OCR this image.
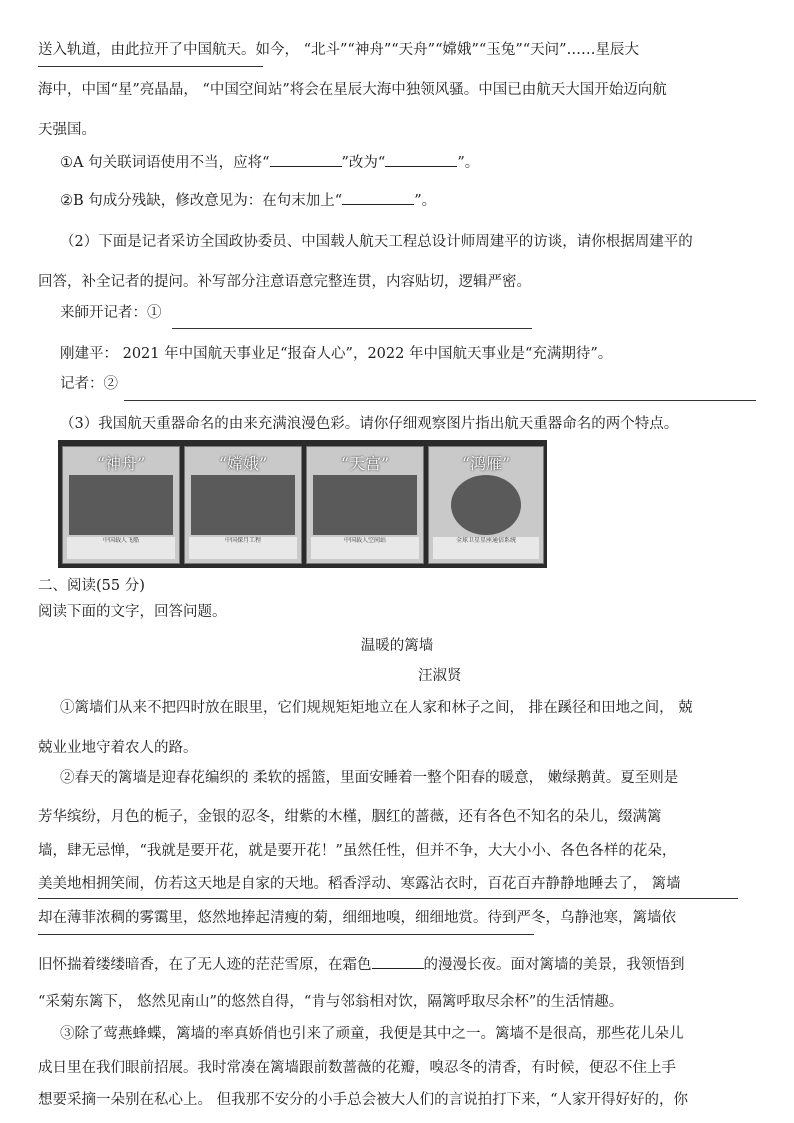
送入轨道，由此拉开了中国航天。如今， “北斗”“神舟”“天舟”“嫦娥”“玉兔”“天问”……星辰大
海中，中国“星”亮晶晶， “中国空间站”将会在星辰大海中独领风骚。中国已由航天大国开始迈向航
天强国。
①A 句关联词语使用不当，应将“	”改为“	”。
②B 句成分残缺，修改意见为：在句末加上“	”。
（2）下面是记者采访全国政协委员、中国载人航天工程总设计师周建平的访谈，请你根据周建平的
回答，补全记者的提问。补写部分注意语意完整连贯，内容贴切，逻辑严密。
来師开记者：①
刚建平： 2021 年中国航天事业足“报奋人心”，2022 年中国航天事业是“充满期待”。
记者：②
（3）我国航天重器命名的由来充满浪漫色彩。请你仔细观察图片指出航天重器命名的两个特点。
“神舟”
中国载人飞船
“嫦娥”
中国探月工程
“天宫”
中国载人空间站
“鸿雁”
全球卫星星座通信系统
二、阅读(55 分)
阅读下面的文字，回答问题。
温暖的篱墙
汪淑贤
①篱墙们从来不把四时放在眼里，它们规规矩矩地立在人家和林子之间， 排在蹊径和田地之间， 兢
兢业业地守着农人的路。
②春天的篱墙是迎春花编织的 柔软的摇篮，里面安睡着一整个阳春的暖意， 嫩绿鹅黄。夏至则是
芳华缤纷，月色的栀子，金银的忍冬，绀紫的木槿，胭红的蔷薇，还有各色不知名的朵儿，缀满篱
墙，肆无忌惮，“我就是要开花，就是要开花！”虽然任性，但并不争，大大小小、各色各样的花朵，
美美地相拥笑闹，仿若这天地是自家的天地。稻香浮动、寒露沾衣时，百花百卉静静地睡去了， 篱墙
却在薄菲浓稠的雾霭里，悠然地捧起清瘦的菊，细细地嗅，细细地赏。待到严冬，乌静池寒，篱墙依
旧怀揣着缕缕暗香，在了无人迹的茫茫雪原，在霜色	的漫漫长夜。面对篱墙的美景，我领悟到
“采菊东篱下， 悠然见南山”的悠然自得，“肯与邻翁相对饮，隔篱呼取尽余杯”的生活情趣。
③除了莺燕蜂蝶，篱墙的率真娇俏也引来了顽童，我便是其中之一。篱墙不是很高，那些花儿朵儿
成日里在我们眼前招展。我时常凑在篱墙跟前数蔷薇的花瓣，嗅忍冬的清香，有时候，便忍不住上手
想要采摘一朵别在私心上。 但我那不安分的小手总会被大人们的言说拍打下来，“人家开得好好的，你
